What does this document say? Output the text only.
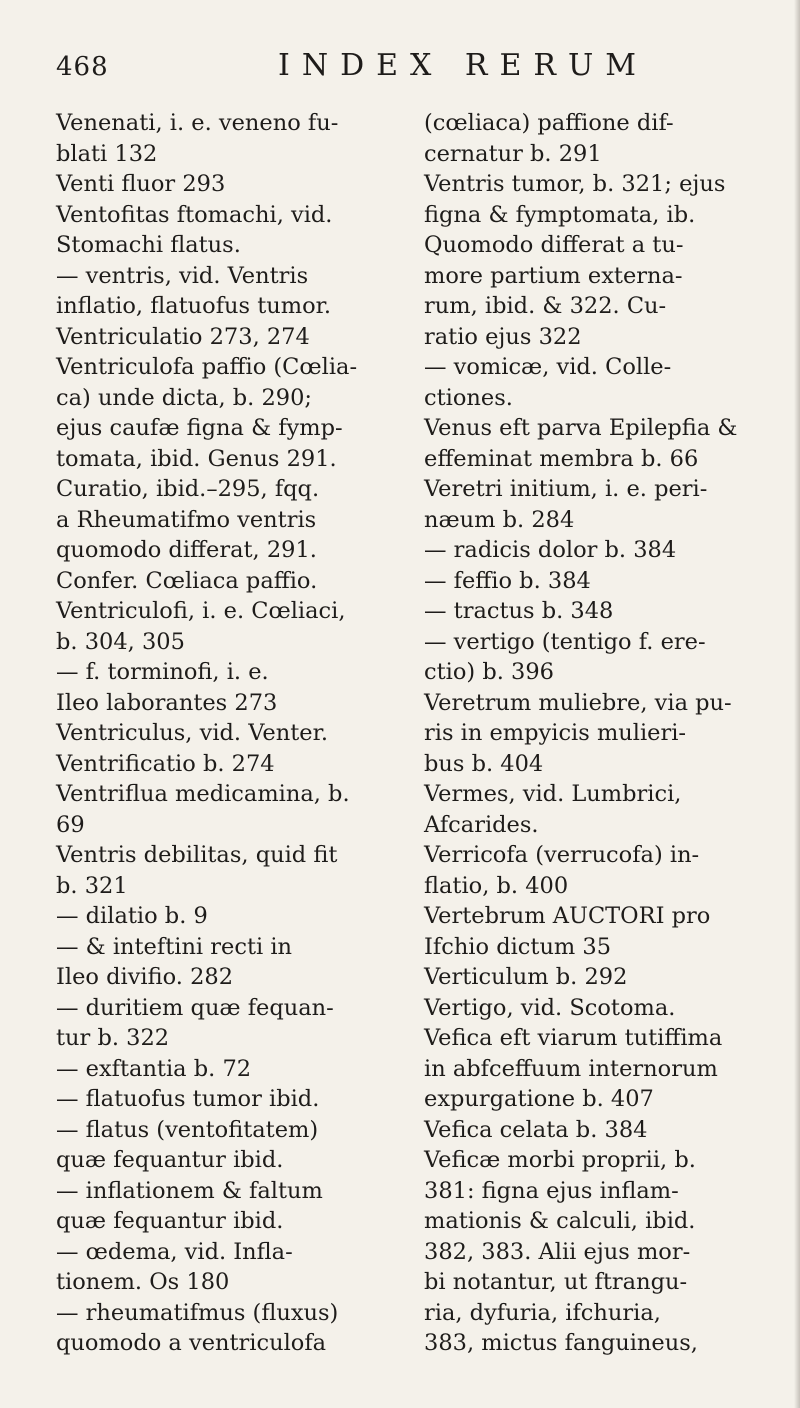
468	INDEX RERUM
Venenati, i. e. veneno fu-
blati 132
Venti fluor 293
Ventofitas ftomachi, vid.
Stomachi flatus.
— ventris, vid. Ventris
inflatio, flatuofus tumor.
Ventriculatio 273, 274
Ventriculofa paffio (Cœlia-
ca) unde dicta, b. 290;
ejus caufæ figna & fymp-
tomata, ibid. Genus 291.
Curatio, ibid.–295, fqq.
a Rheumatifmo ventris
quomodo differat, 291.
Confer. Cœliaca paffio.
Ventriculofi, i. e. Cœliaci,
b. 304, 305
— f. torminofi, i. e.
Ileo laborantes 273
Ventriculus, vid. Venter.
Ventrificatio b. 274
Ventriflua medicamina, b.
69
Ventris debilitas, quid fit
b. 321
— dilatio b. 9
— & inteftini recti in
Ileo divifio. 282
— duritiem quæ fequan-
tur b. 322
— exftantia b. 72
— flatuofus tumor ibid.
— flatus (ventofitatem)
quæ fequantur ibid.
— inflationem & faltum
quæ fequantur ibid.
— œdema, vid. Infla-
tionem. Os 180
— rheumatifmus (fluxus)
quomodo a ventriculofa
(cœliaca) paffione dif-
cernatur b. 291
Ventris tumor, b. 321; ejus
figna & fymptomata, ib.
Quomodo differat a tu-
more partium externa-
rum, ibid. & 322. Cu-
ratio ejus 322
— vomicæ, vid. Colle-
ctiones.
Venus eft parva Epilepfia &
effeminat membra b. 66
Veretri initium, i. e. peri-
næum b. 284
— radicis dolor b. 384
— feffio b. 384
— tractus b. 348
— vertigo (tentigo f. ere-
ctio) b. 396
Veretrum muliebre, via pu-
ris in empyicis mulieri-
bus b. 404
Vermes, vid. Lumbrici,
Afcarides.
Verricofa (verrucofa) in-
flatio, b. 400
Vertebrum AUCTORI pro
Ifchio dictum 35
Verticulum b. 292
Vertigo, vid. Scotoma.
Vefica eft viarum tutiffima
in abfceffuum internorum
expurgatione b. 407
Vefica celata b. 384
Veficæ morbi proprii, b.
381: figna ejus inflam-
mationis & calculi, ibid.
382, 383. Alii ejus mor-
bi notantur, ut ftrangu-
ria, dyfuria, ifchuria,
383, mictus fanguineus,
